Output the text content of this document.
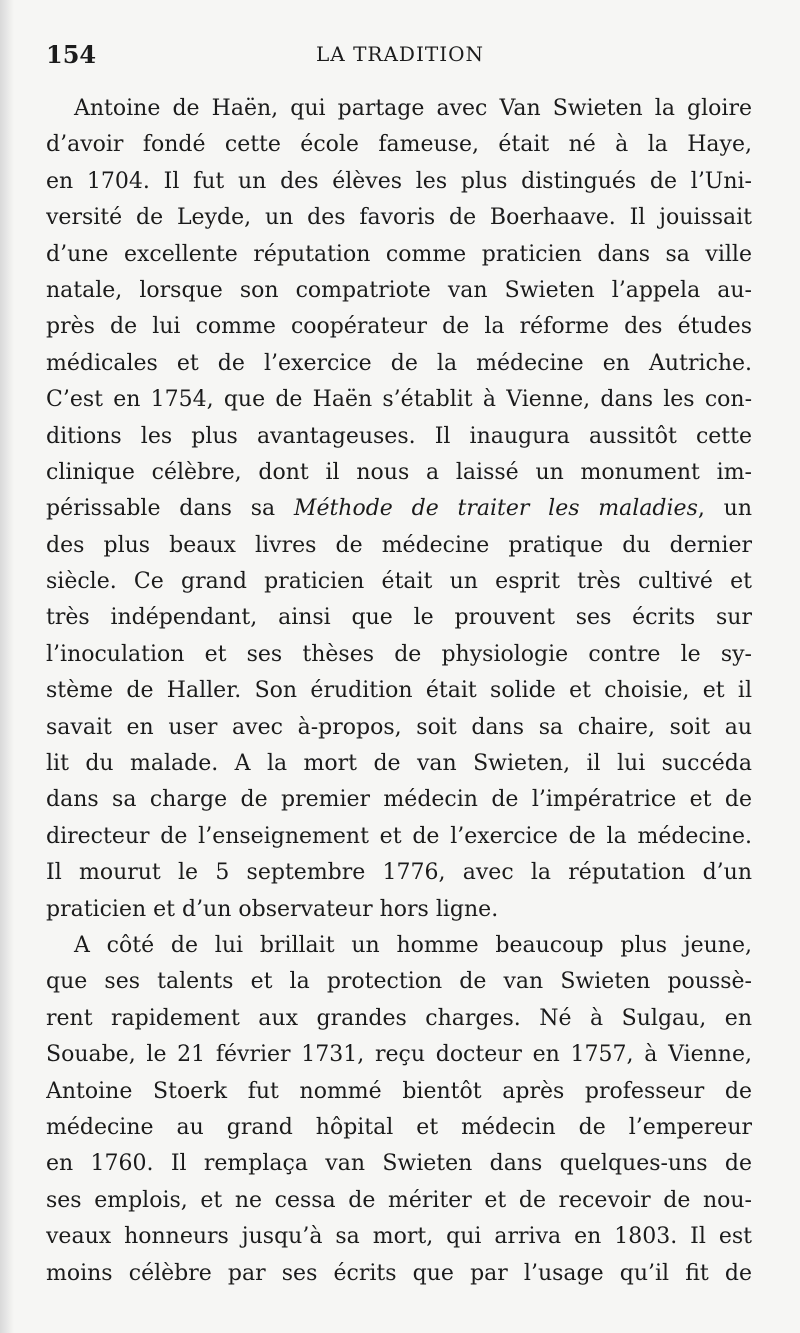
154	LA TRADITION
Antoine de Haën, qui partage avec Van Swieten la gloire
d’avoir fondé cette école fameuse, était né à la Haye,
en 1704. Il fut un des élèves les plus distingués de l’Uni-
versité de Leyde, un des favoris de Boerhaave. Il jouissait
d’une excellente réputation comme praticien dans sa ville
natale, lorsque son compatriote van Swieten l’appela au-
près de lui comme coopérateur de la réforme des études
médicales et de l’exercice de la médecine en Autriche.
C’est en 1754, que de Haën s’établit à Vienne, dans les con-
ditions les plus avantageuses. Il inaugura aussitôt cette
clinique célèbre, dont il nous a laissé un monument im-
périssable dans sa Méthode de traiter les maladies, un
des plus beaux livres de médecine pratique du dernier
siècle. Ce grand praticien était un esprit très cultivé et
très indépendant, ainsi que le prouvent ses écrits sur
l’inoculation et ses thèses de physiologie contre le sy-
stème de Haller. Son érudition était solide et choisie, et il
savait en user avec à-propos, soit dans sa chaire, soit au
lit du malade. A la mort de van Swieten, il lui succéda
dans sa charge de premier médecin de l’impératrice et de
directeur de l’enseignement et de l’exercice de la médecine.
Il mourut le 5 septembre 1776, avec la réputation d’un
praticien et d’un observateur hors ligne.
A côté de lui brillait un homme beaucoup plus jeune,
que ses talents et la protection de van Swieten poussè-
rent rapidement aux grandes charges. Né à Sulgau, en
Souabe, le 21 février 1731, reçu docteur en 1757, à Vienne,
Antoine Stoerk fut nommé bientôt après professeur de
médecine au grand hôpital et médecin de l’empereur
en 1760. Il remplaça van Swieten dans quelques-uns de
ses emplois, et ne cessa de mériter et de recevoir de nou-
veaux honneurs jusqu’à sa mort, qui arriva en 1803. Il est
moins célèbre par ses écrits que par l’usage qu’il fit de
